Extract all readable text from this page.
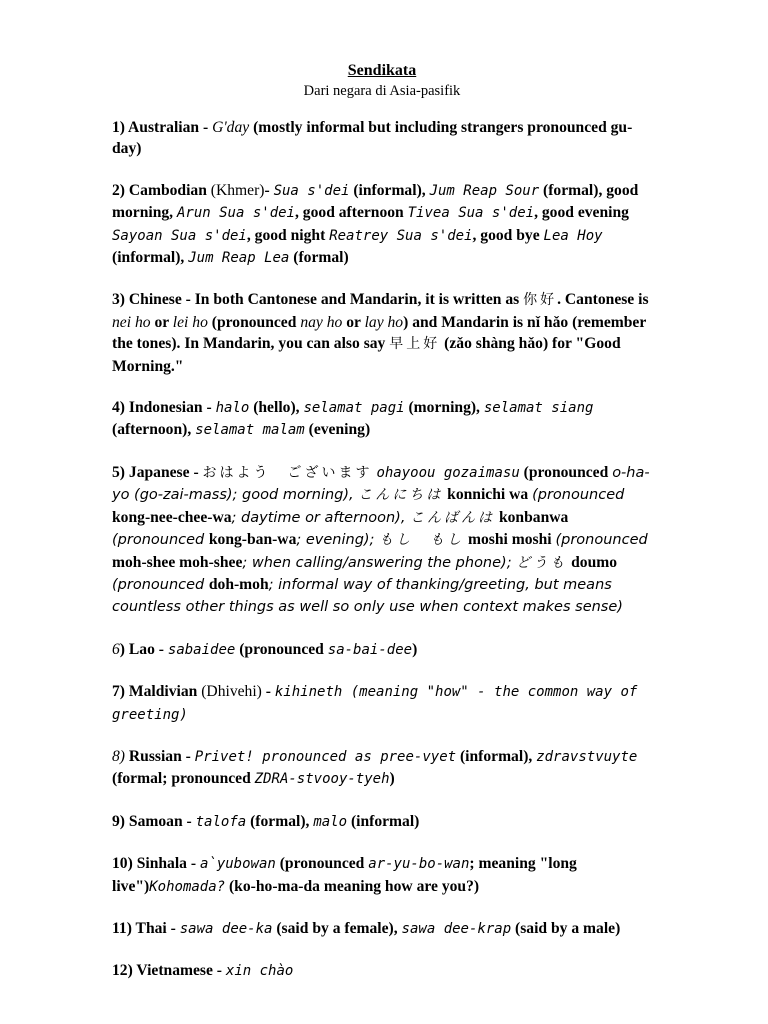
Sendikata
Dari negara di Asia-pasifik
1) Australian - G'day (mostly informal but including strangers pronounced gu-day)
2) Cambodian (Khmer)- Sua s'dei (informal), Jum Reap Sour (formal), good morning, Arun Sua s'dei, good afternoon Tivea Sua s'dei, good evening Sayoan Sua s'dei, good night Reatrey Sua s'dei, good bye Lea Hoy (informal), Jum Reap Lea (formal)
3) Chinese - In both Cantonese and Mandarin, it is written as 你好. Cantonese is nei ho or lei ho (pronounced nay ho or lay ho) and Mandarin is nǐ hǎo (remember the tones). In Mandarin, you can also say 早上好 (zǎo shàng hǎo) for "Good Morning."
4) Indonesian - halo (hello), selamat pagi (morning), selamat siang (afternoon), selamat malam (evening)
5) Japanese - おはよう　ございます ohayoou gozaimasu (pronounced o-ha-yo (go-zai-mass); good morning), こんにちは konnichi wa (pronounced kong-nee-chee-wa; daytime or afternoon), こんばんは konbanwa (pronounced kong-ban-wa; evening); もし　もし moshi moshi (pronounced moh-shee moh-shee; when calling/answering the phone); どうも doumo (pronounced doh-moh; informal way of thanking/greeting, but means countless other things as well so only use when context makes sense)
6) Lao - sabaidee (pronounced sa-bai-dee)
7) Maldivian (Dhivehi) - kihineth (meaning "how" - the common way of greeting)
8) Russian - Privet! pronounced as pree-vyet (informal), zdravstvuyte (formal; pronounced ZDRA-stvooy-tyeh)
9) Samoan - talofa (formal), malo (informal)
10) Sinhala - a`yubowan (pronounced ar-yu-bo-wan; meaning "long live")Kohomada? (ko-ho-ma-da meaning how are you?)
11) Thai - sawa dee-ka (said by a female), sawa dee-krap (said by a male)
12) Vietnamese - xin chào
